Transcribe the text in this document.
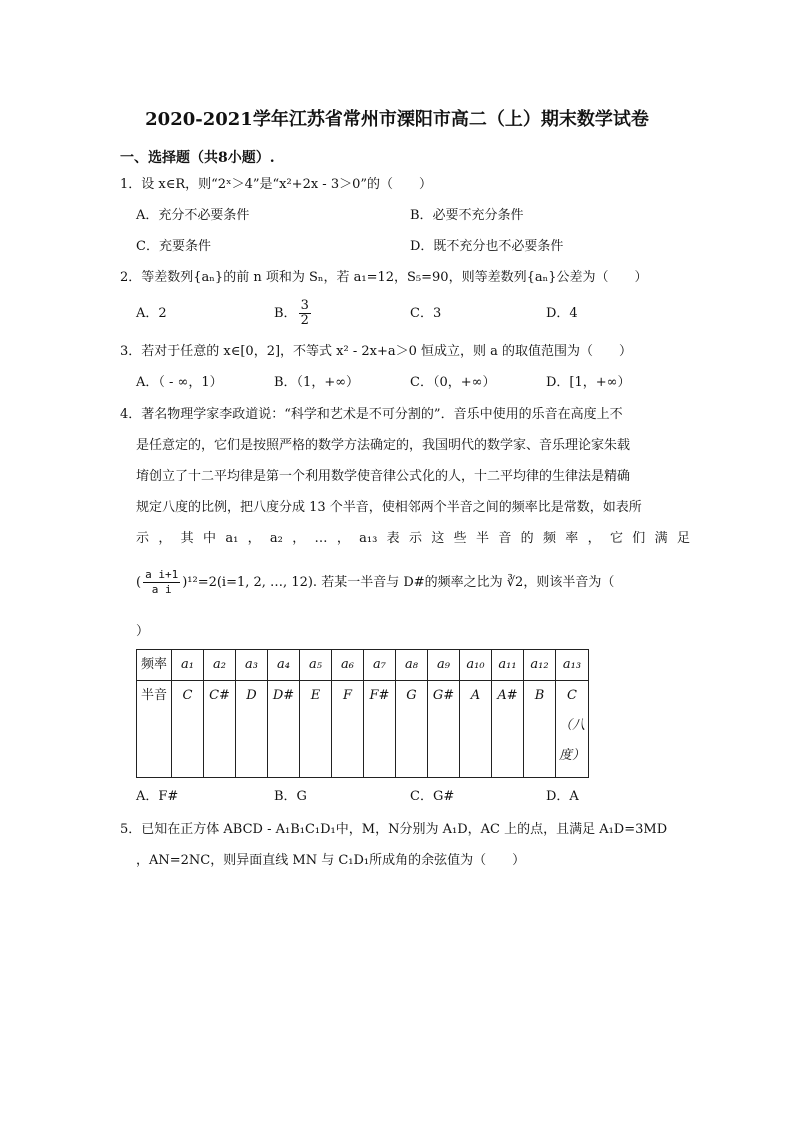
2020-2021学年江苏省常州市溧阳市高二（上）期末数学试卷
一、选择题（共8小题）.
1．设 x∈R，则“2ˣ＞4”是“x²+2x - 3＞0”的（　　）
A．充分不必要条件	B．必要不充分条件
C．充要条件	D．既不充分也不必要条件
2．等差数列{aₙ}的前 n 项和为 Sₙ，若 a₁=12，S₅=90，则等差数列{aₙ}公差为（　　）
A．2	B． $\frac{3}{2}$	C．3	D．4
3．若对于任意的 x∈[0，2]，不等式 x² - 2x+a＞0 恒成立，则 a 的取值范围为（　　）
A．（ - ∞，1）	B．（1，+∞）	C．（0，+∞）	D．[1，+∞）
4．著名物理学家李政道说：“科学和艺术是不可分割的”．音乐中使用的乐音在高度上不
是任意定的，它们是按照严格的数学方法确定的，我国明代的数学家、音乐理论家朱载
堉创立了十二平均律是第一个利用数学使音律公式化的人，十二平均律的生律法是精确
规定八度的比例，把八度分成 13 个半音，使相邻两个半音之间的频率比是常数，如表所
示 ， 其 中 a₁ ， a₂ ， … ， a₁₃ 表 示 这 些 半 音 的 频 率 ， 它 们 满 足
( $\frac{\text{a i+1}}{\text{a i}} )^{12}=2(i=1$, 2, …, 12). 若某一半音与 D#的频率之比为 ∛2，则该半音为（
）
频率	a₁	a₂	a₃	a₄	a₅	a₆	a₇	a₈	a₉	a₁₀	a₁₁	a₁₂	a₁₃
半音	C	C#	D	D#	E	F	F#	G	G#	A	A#	B	C（八度）
A．F#	B．G	C．G#	D．A
5．已知在正方体 ABCD - A₁B₁C₁D₁中，M，N分别为 A₁D，AC 上的点，且满足 A₁D=3MD
，AN=2NC，则异面直线 MN 与 C₁D₁所成角的余弦值为（　　）
